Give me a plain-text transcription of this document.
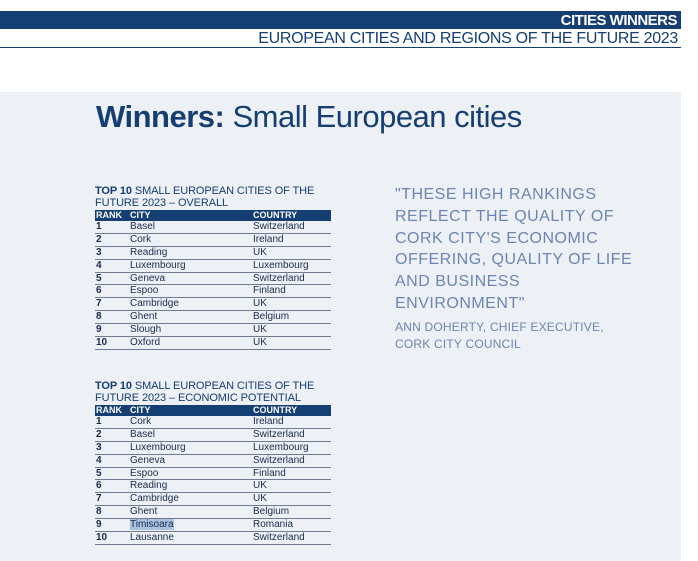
CITIES WINNERS
EUROPEAN CITIES AND REGIONS OF THE FUTURE 2023
Winners: Small European cities
TOP 10 SMALL EUROPEAN CITIES OF THE FUTURE 2023 – OVERALL
RANK CITY	COUNTRY
1	Basel	Switzerland
2	Cork	Ireland
3	Reading	UK
4	Luxembourg	Luxembourg
5	Geneva	Switzerland
6	Espoo	Finland
7	Cambridge	UK
8	Ghent	Belgium
9	Slough	UK
10	Oxford	UK
TOP 10 SMALL EUROPEAN CITIES OF THE FUTURE 2023 – ECONOMIC POTENTIAL
RANK CITY	COUNTRY
1	Cork	Ireland
2	Basel	Switzerland
3	Luxembourg	Luxembourg
4	Geneva	Switzerland
5	Espoo	Finland
6	Reading	UK
7	Cambridge	UK
8	Ghent	Belgium
9	Timisoara	Romania
10	Lausanne	Switzerland
"THESE HIGH RANKINGS REFLECT THE QUALITY OF CORK CITY'S ECONOMIC OFFERING, QUALITY OF LIFE AND BUSINESS ENVIRONMENT"
ANN DOHERTY, CHIEF EXECUTIVE, CORK CITY COUNCIL
